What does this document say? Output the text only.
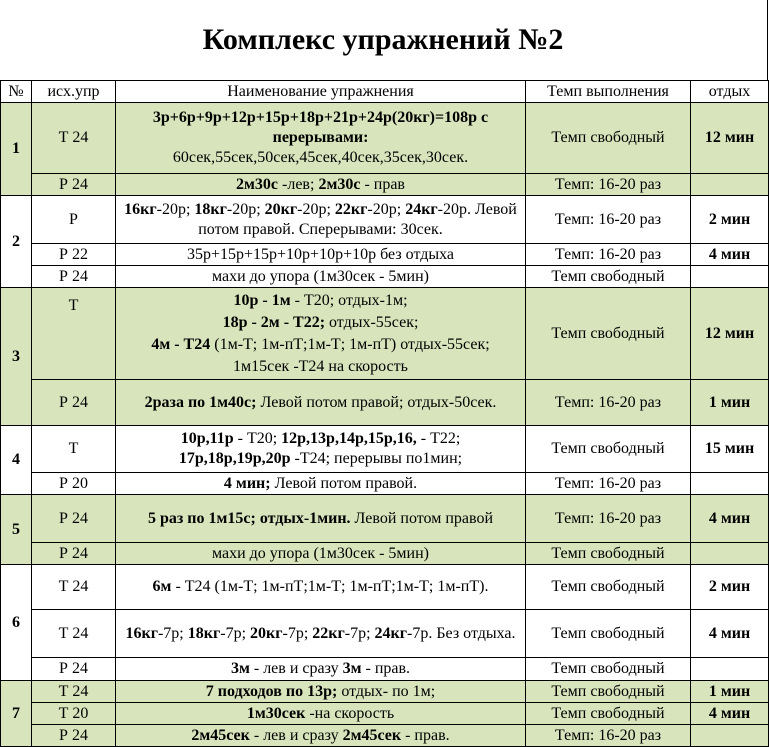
Комплекс упражнений №2
№	исх.упр	Наименование упражнения	Темп выполнения	отдых
1	Т 24	3р+6р+9р+12р+15р+18р+21р+24р(20кг)=108р с перерывами:
60сек,55сек,50сек,45сек,40сек,35сек,30сек.	Темп свободный	12 мин
	Р 24	2м30с -лев; 2м30с - прав	Темп: 16-20 раз	
2	Р	16кг-20р; 18кг-20р; 20кг-20р; 22кг-20р; 24кг-20р. Левой потом правой. Сперерывами: 30сек.	Темп: 16-20 раз	2 мин
	Р 22	35р+15р+15р+10р+10р+10р без отдыха	Темп: 16-20 раз	4 мин
	Р 24	махи до упора (1м30сек - 5мин)	Темп свободный	
3	Т	10р - 1м - Т20; отдых-1м;
18р - 2м - Т22; отдых-55сек;
4м - Т24 (1м-Т; 1м-пТ;1м-Т; 1м-пТ) отдых-55сек;
1м15сек -Т24 на скорость	Темп свободный	12 мин
	Р 24	2раза по 1м40с; Левой потом правой; отдых-50сек.	Темп: 16-20 раз	1 мин
4	Т	10р,11р - Т20; 12р,13р,14р,15р,16, - Т22;
17р,18р,19р,20р -Т24; перерывы по1мин;	Темп свободный	15 мин
	Р 20	4 мин; Левой потом правой.	Темп: 16-20 раз	
5	Р 24	5 раз по 1м15с; отдых-1мин. Левой потом правой	Темп: 16-20 раз	4 мин
	Р 24	махи до упора (1м30сек - 5мин)	Темп свободный	
6	Т 24	6м - Т24 (1м-Т; 1м-пТ;1м-Т; 1м-пТ;1м-Т; 1м-пТ).	Темп свободный	2 мин
	Т 24	16кг-7р; 18кг-7р; 20кг-7р; 22кг-7р; 24кг-7р. Без отдыха.	Темп свободный	4 мин
	Р 24	3м - лев и сразу 3м - прав.	Темп свободный	
7	Т 24	7 подходов по 13р; отдых- по 1м;	Темп свободный	1 мин
	Т 20	1м30сек -на скорость	Темп свободный	4 мин
	Р 24	2м45сек - лев и сразу 2м45сек - прав.	Темп: 16-20 раз	
